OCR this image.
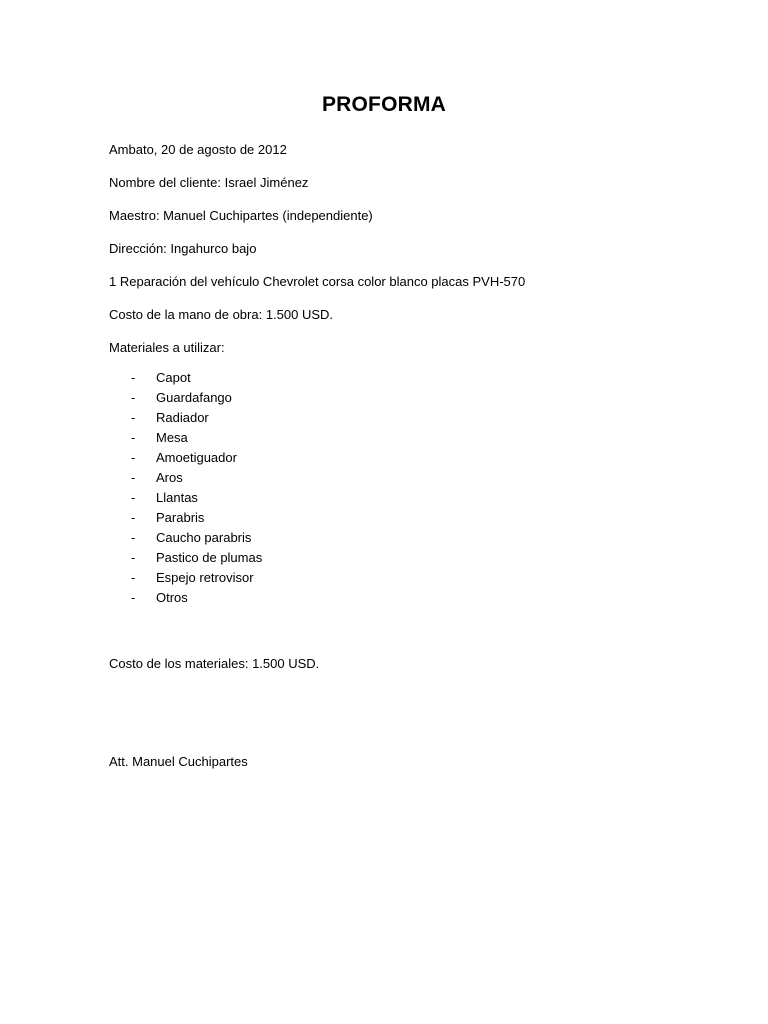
PROFORMA
Ambato, 20 de agosto de 2012
Nombre del cliente: Israel Jiménez
Maestro: Manuel Cuchipartes (independiente)
Dirección: Ingahurco bajo
1 Reparación del vehículo Chevrolet corsa color blanco placas PVH-570
Costo de la mano de obra: 1.500 USD.
Materiales a utilizar:
- Capot
- Guardafango
- Radiador
- Mesa
- Amoetiguador
- Aros
- Llantas
- Parabris
- Caucho parabris
- Pastico de plumas
- Espejo retrovisor
- Otros
Costo de los materiales: 1.500 USD.
Att. Manuel Cuchipartes
